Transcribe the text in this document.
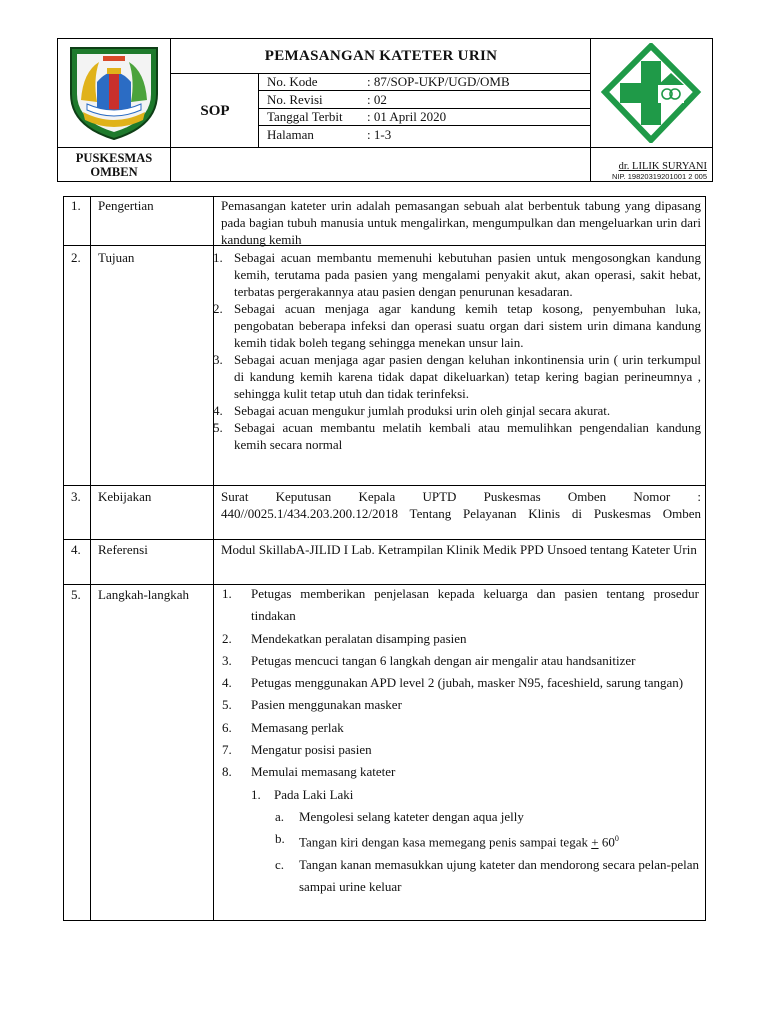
PEMASANGAN KATETER URIN
SOP
No. Kode	: 87/SOP-UKP/UGD/OMB
No. Revisi	: 02
Tanggal Terbit : 01 April 2020
Halaman	: 1-3
PUSKESMAS
OMBEN	dr. LILIK SURYANI
NIP. 19820319201001 2 005
1. Pengertian	Pemasangan kateter urin adalah pemasangan sebuah alat berbentuk tabung yang dipasang pada bagian tubuh manusia untuk mengalirkan, mengumpulkan dan mengeluarkan urin dari kandung kemih
2. Tujuan	1. Sebagai acuan membantu memenuhi kebutuhan pasien untuk mengosongkan kandung kemih, terutama pada pasien yang mengalami penyakit akut, akan operasi, sakit hebat, terbatas pergerakannya atau pasien dengan penurunan kesadaran.
2. Sebagai acuan menjaga agar kandung kemih tetap kosong, penyembuhan luka, pengobatan beberapa infeksi dan operasi suatu organ dari sistem urin dimana kandung kemih tidak boleh tegang sehingga menekan unsur lain.
3. Sebagai acuan menjaga agar pasien dengan keluhan inkontinensia urin ( urin terkumpul di kandung kemih karena tidak dapat dikeluarkan) tetap kering bagian perineumnya , sehingga kulit tetap utuh dan tidak terinfeksi.
4. Sebagai acuan mengukur jumlah produksi urin oleh ginjal secara akurat.
5. Sebagai acuan membantu melatih kembali atau memulihkan pengendalian kandung kemih secara normal
3. Kebijakan	Surat Keputusan Kepala UPTD Puskesmas Omben Nomor : 440//0025.1/434.203.200.12/2018 Tentang Pelayanan Klinis di Puskesmas Omben
4. Referensi	Modul SkillabA-JILID I Lab. Ketrampilan Klinik Medik PPD Unsoed tentang Kateter Urin
5. Langkah-langkah	1.	Petugas memberikan penjelasan kepada keluarga dan pasien tentang prosedur tindakan
2.	Mendekatkan peralatan disamping pasien
3.	Petugas mencuci tangan 6 langkah dengan air mengalir atau handsanitizer
4.	Petugas menggunakan APD level 2 (jubah, masker N95, faceshield, sarung tangan)
5.	Pasien menggunakan masker
6.	Memasang perlak
7.	Mengatur posisi pasien
8.	Memulai memasang kateter
1.	Pada Laki Laki
a.	Mengolesi selang kateter dengan aqua jelly
b.	Tangan kiri dengan kasa memegang penis sampai tegak + $60^0$
c.	Tangan kanan memasukkan ujung kateter dan mendorong secara pelan-pelan sampai urine keluar
